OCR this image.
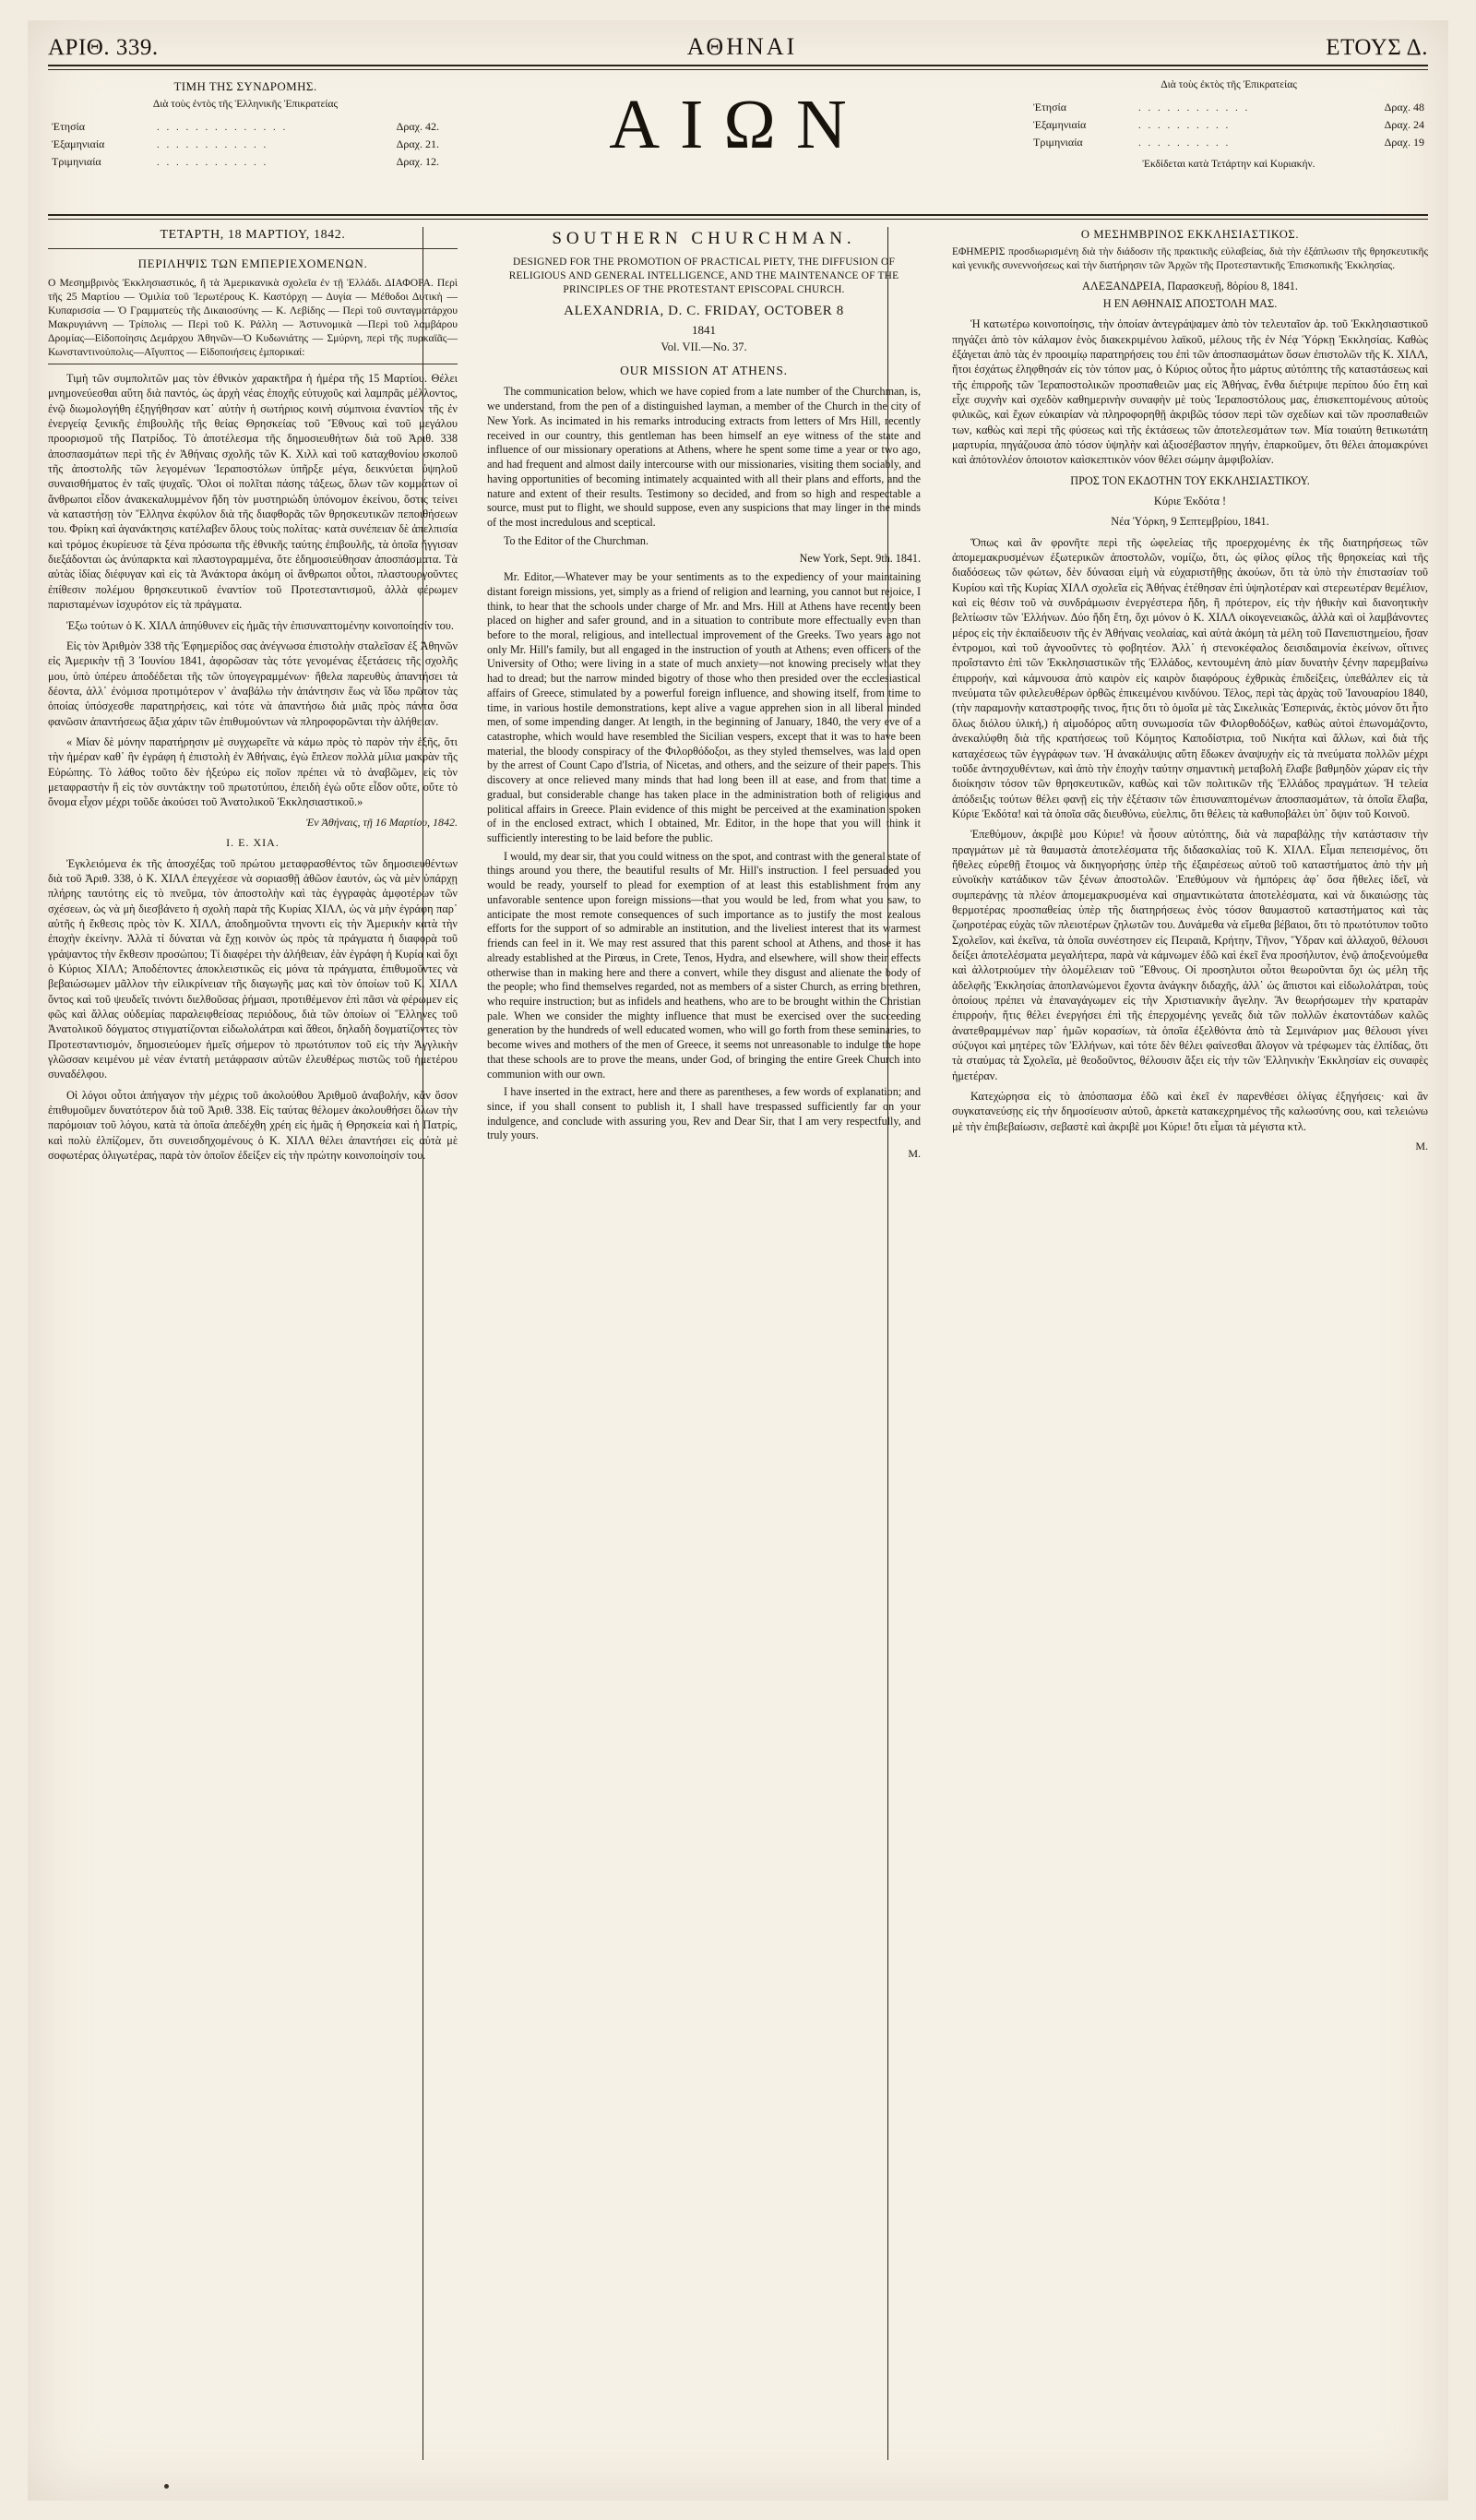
ΑΡΙΘ. 339.	ΑΘΗΝΑΙ	ΕΤΟΥΣ Δ.
ΤΙΜΗ ΤΗΣ ΣΥΝΔΡΟΜΗΣ.
Διὰ τοὺς ἐντὸς τῆς Ἑλληνικῆς Ἐπικρατείας
Ἐτησία	. . . . . . . . . . . . . .	Δραχ. 42.
Ἑξαμηνιαία	. . . . . . . . . . . .	Δραχ. 21.
Τριμηνιαία	. . . . . . . . . . . .	Δραχ. 12.	ΑΙΩΝ
Διὰ τοὺς ἐκτὸς τῆς Ἐπικρατείας
Ἐτησία	. . . . . . . . . . . .	Δραχ. 48
Ἑξαμηνιαία	. . . . . . . . . .	Δραχ. 24
Τριμηνιαία	. . . . . . . . . .	Δραχ. 19
Ἐκδίδεται κατὰ Τετάρτην καὶ Κυριακήν.
ΤΕΤΑΡΤΗ, 18 ΜΑΡΤΙΟΥ, 1842.
ΠΕΡΙΛΗΨΙΣ ΤΩΝ ΕΜΠΕΡΙΕΧΟΜΕΝΩΝ.
Ο Μεσημβρινὸς Ἐκκλησιαστικός, ἢ τὰ Ἀμερικανικὰ σχολεῖα ἐν τῇ Ἑλλάδι. ΔΙΑΦΟΡΑ. Περὶ τῆς 25 Μαρτίου — Ὁμιλία τοῦ Ἱερωτέρους Κ. Καστόρχη — Δυγία — Μέθοδοι Δυτικὴ — Κυπαρισσία — Ὁ Γραμματεὺς τῆς Δικαιοσύνης — Κ. Λεβίδης — Περὶ τοῦ συνταγματάρχου Μακρυγιάννη — Τρίπολις — Περὶ τοῦ Κ. Ράλλη — Ἀστυνομικὰ —Περὶ τοῦ λαμβάρου Δρομίας—Εἰδοποίησις Δεμάρχου Ἀθηνῶν—Ὁ Κυδωνιάτης — Σμύρνη, περὶ τῆς πυρκαϊᾶς— Κωνσταντινούπολις—Αἴγυπτος — Εἰδοποιήσεις ἐμπορικαί:

Τιμὴ τῶν συμπολιτῶν μας τὸν ἐθνικὸν χαρακτῆρα ἡ ἡμέρα τῆς 15 Μαρτίου. Θέλει μνημονεύεσθαι αὕτη διὰ παντός, ὡς ἀρχὴ νέας ἐποχῆς εὐτυχοῦς καὶ λαμπρᾶς μέλλοντος, ἐνῷ διωμολογήθη ἐξηγήθησαν κατ᾽ αὐτὴν ἡ σωτήριος κοινὴ σύμπνοια ἐναντίον τῆς ἐν ἐνεργείᾳ ξενικῆς ἐπιβουλῆς τῆς θείας Θρησκείας τοῦ Ἔθνους καὶ τοῦ μεγάλου προορισμοῦ τῆς Πατρίδος. Τὸ ἀποτέλεσμα τῆς δημοσιευθήτων διὰ τοῦ Ἀριθ. 338 ἀποσπασμάτων περὶ τῆς ἐν Ἀθήναις σχολῆς τῶν Κ. Χιλλ καὶ τοῦ καταχθονίου σκοποῦ τῆς ἀποστολῆς τῶν λεγομένων Ἱεραποστόλων ὑπῆρξε μέγα, δεικνύεται ὑψηλοῦ συναισθήματος ἐν ταῖς ψυχαῖς. Ὅλοι οἱ πολῖται πάσης τάξεως, ὅλων τῶν κομμάτων οἱ ἄνθρωποι εἶδον ἀνακεκαλυμμένον ἤδη τὸν μυστηριώδη ὑπόνομον ἐκείνου, ὅστις τείνει νὰ καταστήσῃ τὸν Ἕλληνα ἐκφύλον διὰ τῆς διαφθορᾶς τῶν θρησκευτικῶν πεποιθήσεων του. Φρίκη καὶ ἀγανάκτησις κατέλαβεν ὅλους τοὺς πολίτας· κατὰ συνέπειαν δὲ ἀπελπισία καὶ τρόμος ἐκυρίευσε τὰ ξένα πρόσωπα τῆς ἐθνικῆς ταύτης ἐπιβουλῆς, τὰ ὁποῖα ἤγγισαν διεξάδονται ὡς ἀνύπαρκτα καὶ πλαστογραμμένα, ὅτε ἐδημοσιεύθησαν ἀποσπάσματα. Τὰ αὐτὰς ἰδίας διέφυγαν καὶ εἰς τὰ Ἀνάκτορα ἀκόμη οἱ ἄνθρωποι οὗτοι, πλαστουργοῦντες ἐπίθεσιν πολέμου θρησκευτικοῦ ἐναντίον τοῦ Προτεσταντισμοῦ, ἀλλὰ φέρωμεν παρισταμένων ἰσχυρότον εἰς τὰ πράγματα.

Ἐξω τούτων ὁ Κ. ΧΙΛΛ ἀπηύθυνεν εἰς ἡμᾶς τὴν ἐπισυναπτομένην κοινοποίησίν του.

Εἰς τὸν Ἀριθμὸν 338 τῆς Ἐφημερίδος σας ἀνέγνωσα ἐπιστολὴν σταλεῖσαν ἐξ Ἀθηνῶν εἰς Ἀμερικὴν τῇ 3 Ἰουνίου 1841, ἀφορῶσαν τὰς τότε γενομένας ἐξετάσεις τῆς σχολῆς μου, ὑπὸ ὑπέρευ ἀποδέδεται τῆς τῶν ὑπογεγραμμένων· ἤθελα παρευθὺς ἀπαντήσει τὰ δέοντα, ἀλλ᾽ ἐνόμισα προτιμότερον ν᾽ ἀναβάλω τὴν ἀπάντησιν ἕως νὰ ἴδω πρῶτον τὰς ὁποίας ὑπόσχεσθε παρατηρήσεις, καὶ τότε νὰ ἀπαντήσω διὰ μιᾶς πρὸς πάντα ὅσα φανῶσιν ἀπαντήσεως ἄξια χάριν τῶν ἐπιθυμούντων νὰ πληροφορῶνται τὴν ἀλήθειαν.

« Μίαν δὲ μόνην παρατήρησιν μὲ συγχωρεῖτε νὰ κάμω πρὸς τὸ παρὸν τὴν ἑξῆς, ὅτι τὴν ἡμέραν καθ᾽ ἣν ἐγράφη ἡ ἐπιστολὴ ἐν Ἀθήναις, ἐγὼ ἔπλεον πολλὰ μίλια μακρὰν τῆς Εὐρώπης. Τὸ λάθος τοῦτο δὲν ἠξεύρω εἰς ποῖον πρέπει νὰ τὸ ἀναβῶμεν, εἰς τὸν μεταφραστὴν ἢ εἰς τὸν συντάκτην τοῦ πρωτοτύπου, ἐπειδὴ ἐγὼ οὔτε εἶδον οὔτε, οὔτε τὸ ὄνομα εἶχον μέχρι τοῦδε ἀκούσει τοῦ Ἀνατολικοῦ Ἐκκλησιαστικοῦ.»

Ἐν Ἀθήναις, τῇ 16 Μαρτίου, 1842.

Ι. Ε. ΧΙΑ.

Ἐγκλειόμενα ἐκ τῆς ἀποσχέξας τοῦ πρώτου μεταφρασθέντος τῶν δημοσιευθέντων διὰ τοῦ Ἀριθ. 338, ὁ Κ. ΧΙΛΛ ἐπεγχέεσε νὰ σοριασθῇ ἀθῶον ἑαυτόν, ὡς νὰ μὲν ὑπάρχῃ πλήρης ταυτότης εἰς τὸ πνεῦμα, τὸν ἀποστολὴν καὶ τὰς ἐγγραφὰς ἀμφοτέρων τῶν σχέσεων, ὡς νὰ μὴ διεσβάνετο ἡ σχολὴ παρὰ τῆς Κυρίας ΧΙΛΛ, ὡς νὰ μὴν ἐγράφη παρ᾽ αὐτῆς ἡ ἔκθεσις πρὸς τὸν Κ. ΧΙΛΛ, ἀποδημοῦντα τηνοντι εἰς τὴν Ἀμερικὴν κατὰ τὴν ἐποχὴν ἐκείνην. Ἀλλὰ τί δύναται νὰ ἔχῃ κοινὸν ὡς πρὸς τὰ πράγματα ἡ διαφορὰ τοῦ γράψαντος τὴν ἔκθεσιν προσώπου; Τί διαφέρει τὴν ἀλήθειαν, ἐὰν ἐγράφη ἡ Κυρία καὶ ὄχι ὁ Κύριος ΧΙΛΛ; Ἀποδέποντες ἀποκλειστικῶς εἰς μόνα τὰ πράγματα, ἐπιθυμοῦντες νὰ βεβαιώσωμεν μᾶλλον τὴν εἰλικρίνειαν τῆς διαγωγῆς μας καὶ τὸν ὁποίων τοῦ Κ. ΧΙΛΛ ὄντος καὶ τοῦ ψευδεῖς τινόντι διελθοῦσας ῥήμασι, προτιθέμενον ἐπὶ πᾶσι νὰ φέρωμεν εἰς φῶς καὶ ἄλλας οὐδεμίας παραλειφθείσας περιόδους, διὰ τῶν ὁποίων οἱ Ἕλληνες τοῦ Ἀνατολικοῦ δόγματος στιγματίζονται εἰδωλολάτραι καὶ ἄθεοι, δηλαδὴ δογματίζοντες τὸν Προτεσταντισμόν, δημοσιεύομεν ἡμεῖς σήμερον τὸ πρωτότυπον τοῦ εἰς τὴν Ἀγγλικὴν γλῶσσαν κειμένου μὲ νέαν ἐντατὴ μετάφρασιν αὐτῶν ἐλευθέρως πιστῶς τοῦ ἡμετέρου συναδέλφου.

Οἱ λόγοι οὗτοι ἀπήγαγον τὴν μέχρις τοῦ ἀκολούθου Ἀριθμοῦ ἀναβολήν, κἂν ὅσον ἐπιθυμοῦμεν δυνατότερον διὰ τοῦ Ἀριθ. 338. Εἰς ταύτας θέλομεν ἀκολουθήσει ὅλων τὴν παρόμοιαν τοῦ λόγου, κατὰ τὰ ὁποῖα ἀπεδέχθη χρέη εἰς ἡμᾶς ἡ Θρησκεία καὶ ἡ Πατρίς, καὶ πολὺ ἐλπίζομεν, ὅτι συνεισδηχομένους ὁ Κ. ΧΙΛΛ θέλει ἀπαντήσει εἰς αὐτὰ μὲ σοφωτέρας ὀλιγωτέρας, παρὰ τὸν ὁποῖον ἐδείξεν εἰς τὴν πρώτην κοινοποίησίν του.

SOUTHERN CHURCHMAN.
DESIGNED FOR THE PROMOTION OF PRACTICAL PIETY, THE DIFFUSION OF RELIGIOUS AND GENERAL INTELLIGENCE, AND THE MAINTENANCE OF THE PRINCIPLES OF THE PROTESTANT EPISCOPAL CHURCH.
ALEXANDRIA, D. C. FRIDAY, OCTOBER 8
1841
Vol. VII.—No. 37.
OUR MISSION AT ATHENS.

The communication below, which we have copied from a late number of the Churchman, is, we understand, from the pen of a distinguished layman, a member of the Church in the city of New York. As incimated in his remarks introducing extracts from letters of Mrs Hill, recently received in our country, this gentleman has been himself an eye witness of the state and influence of our missionary operations at Athens, where he spent some time a year or two ago, and had frequent and almost daily intercourse with our missionaries, visiting them sociably, and having opportunities of becoming intimately acquainted with all their plans and efforts, and the nature and extent of their results. Testimony so decided, and from so high and respectable a source, must put to flight, we should suppose, even any suspicions that may linger in the minds of the most incredulous and sceptical.

To the Editor of the Churchman.

New York, Sept. 9th. 1841.

Mr. Editor,—Whatever may be your sentiments as to the expediency of your maintaining distant foreign missions, yet, simply as a friend of religion and learning, you cannot but rejoice, I think, to hear that the schools under charge of Mr. and Mrs. Hill at Athens have recently been placed on higher and safer ground, and in a situation to contribute more effectually even than before to the moral, religious, and intellectual improvement of the Greeks. Two years ago not only Mr. Hill's family, but all engaged in the instruction of youth at Athens; even officers of the University of Otho; were living in a state of much anxiety—not knowing precisely what they had to dread; but the narrow minded bigotry of those who then presided over the ecclesiastical affairs of Greece, stimulated by a powerful foreign influence, and showing itself, from time to time, in various hostile demonstrations, kept alive a vague apprehen sion in all liberal minded men, of some impending danger. At length, in the beginning of January, 1840, the very eve of a catastrophe, which would have resembled the Sicilian vespers, except that it was to have been material, the bloody conspiracy of the Φιλορθόδοξοι, as they styled themselves, was laid open by the arrest of Count Capo d'Istria, of Nicetas, and others, and the seizure of their papers. This discovery at once relieved many minds that had long been ill at ease, and from that time a gradual, but considerable change has taken place in the administration both of religious and political affairs in Greece. Plain evidence of this might be perceived at the examination spoken of in the enclosed extract, which I obtained, Mr. Editor, in the hope that you will think it sufficiently interesting to be laid before the public.

I would, my dear sir, that you could witness on the spot, and contrast with the general state of things around you there, the beautiful results of Mr. Hill's instruction. I feel persuaded you would be ready, yourself to plead for exemption of at least this establishment from any unfavorable sentence upon foreign missions—that you would be led, from what you saw, to anticipate the most remote consequences of such importance as to justify the most zealous efforts for the support of so admirable an institution, and the liveliest interest that its warmest friends can feel in it. We may rest assured that this parent school at Athens, and those it has already established at the Pirœus, in Crete, Tenos, Hydra, and elsewhere, will show their effects otherwise than in making here and there a convert, while they disgust and alienate the body of the people; who find themselves regarded, not as members of a sister Church, as erring brethren, who require instruction; but as infidels and heathens, who are to be brought within the Christian pale. When we consider the mighty influence that must be exercised over the succeeding generation by the hundreds of well educated women, who will go forth from these seminaries, to become wives and mothers of the men of Greece, it seems not unreasonable to indulge the hope that these schools are to prove the means, under God, of bringing the entire Greek Church into communion with our own.

I have inserted in the extract, here and there as parentheses, a few words of explanation; and since, if you shall consent to publish it, I shall have trespassed sufficiently far on your indulgence, and conclude with assuring you, Rev and Dear Sir, that I am very respectfully, and truly yours.

M.

Ο ΜΕΣΗΜΒΡΙΝΟΣ ΕΚΚΛΗΣΙΑΣΤΙΚΟΣ.
ΕΦΗΜΕΡΙΣ προσδιωρισμένη διὰ τὴν διάδοσιν τῆς πρακτικῆς εὐλαβείας, διὰ τὴν ἐξάπλωσιν τῆς θρησκευτικῆς καὶ γενικῆς συνεννοήσεως καὶ τὴν διατήρησιν τῶν Ἀρχῶν τῆς Προτεσταντικῆς Ἐπισκοπικῆς Ἐκκλησίας.
ΑΛΕΞΑΝΔΡΕΙΑ, Παρασκευῇ, 8ὁρίου 8, 1841.
Η ΕΝ ΑΘΗΝΑΙΣ ΑΠΟΣΤΟΛΗ ΜΑΣ.

Ἡ κατωτέρω κοινοποίησις, τὴν ὁποίαν ἀντεγράψαμεν ἀπὸ τὸν τελευταῖον ἀρ. τοῦ Ἐκκλησιαστικοῦ πηγάζει ἀπὸ τὸν κάλαμον ἑνὸς διακεκριμένου λαϊκοῦ, μέλους τῆς ἐν Νέᾳ Ὑόρκῃ Ἐκκλησίας. Καθὼς ἐξάγεται ἀπὸ τὰς ἐν προοιμίῳ παρατηρήσεις του ἐπὶ τῶν ἀποσπασμάτων ὅσων ἐπιστολῶν τῆς Κ. ΧΙΛΛ, ἤτοι ἐσχάτως ἐληφθησάν εἰς τὸν τόπον μας, ὁ Κύριος οὗτος ἦτο μάρτυς αὐτόπτης τῆς καταστάσεως καὶ τῆς ἐπιρροῆς τῶν Ἱεραποστολικῶν προσπαθειῶν μας εἰς Ἀθήνας, ἔνθα διέτριψε περίπου δύο ἔτη καὶ εἶχε συχνὴν καὶ σχεδὸν καθημερινὴν συναφὴν μὲ τοὺς Ἱεραποστόλους μας, ἐπισκεπτομένους αὐτοὺς φιλικῶς, καὶ ἔχων εὐκαιρίαν νὰ πληροφορηθῇ ἀκριβῶς τόσον περὶ τῶν σχεδίων καὶ τῶν προσπαθειῶν των, καθὼς καὶ περὶ τῆς φύσεως καὶ τῆς ἐκτάσεως τῶν ἀποτελεσμάτων των. Μία τοιαύτη θετικωτάτη μαρτυρία, πηγάζουσα ἀπὸ τόσον ὑψηλὴν καὶ ἀξιοσέβαστον πηγήν, ἐπαρκοῦμεν, ὅτι θέλει ἀπομακρύνει καὶ ἀπότονλέον ὁποιοτον καὶσκεπτικὸν νόον θέλει σώμην ἀμφιβολίαν.

ΠΡΟΣ ΤΟΝ ΕΚΔΟΤΗΝ ΤΟΥ ΕΚΚΛΗΣΙΑΣΤΙΚΟΥ.

Κύριε Ἐκδότα !

Νέα Ὑόρκη, 9 Σεπτεμβρίου, 1841.

Ὅπως καὶ ἂν φρονῆτε περὶ τῆς ὠφελείας τῆς προερχομένης ἐκ τῆς διατηρήσεως τῶν ἀπομεμακρυσμένων ἐξωτερικῶν ἀποστολῶν, νομίζω, ὅτι, ὡς φίλος φίλος τῆς θρησκείας καὶ τῆς διαδόσεως τῶν φώτων, δὲν δύνασαι εἰμὴ νὰ εὐχαριστῆθῃς ἀκούων, ὅτι τὰ ὑπὸ τὴν ἐπιστασίαν τοῦ Κυρίου καὶ τῆς Κυρίας ΧΙΛΛ σχολεῖα εἰς Ἀθήνας ἐτέθησαν ἐπὶ ὑψηλοτέραν καὶ στερεωτέραν θεμέλιον, καὶ εἰς θέσιν τοῦ νὰ συνδράμωσιν ἐνεργέστερα ἤδη, ἢ πρότερον, εἰς τὴν ἠθικὴν καὶ διανοητικὴν βελτίωσιν τῶν Ἑλλήνων. Δύο ἤδη ἔτη, ὄχι μόνον ὁ Κ. ΧΙΛΛ οἰκογενειακῶς, ἀλλὰ καὶ οἱ λαμβάνοντες μέρος εἰς τὴν ἐκπαίδευσιν τῆς ἐν Ἀθήναις νεολαίας, καὶ αὐτὰ ἀκόμη τὰ μέλη τοῦ Πανεπιστημείου, ἤσαν ἐντρομοι, καὶ τοῦ ἀγνοοῦντες τὸ φοβητέον. Ἀλλ᾽ ἡ στενοκέφαλος δεισιδαιμονία ἐκείνων, οἵτινες προΐσταντο ἐπὶ τῶν Ἐκκλησιαστικῶν τῆς Ἑλλάδος, κεντουμένη ἀπὸ μίαν δυνατὴν ξένην παρεμβαίνω ἐπιρροήν, καὶ κάμνουσα ἀπὸ καιρὸν εἰς καιρὸν διαφόρους ἐχθρικὰς ἐπιδείξεις, ὑπεθάλπεν εἰς τὰ πνεύματα τῶν φιλελευθέρων ὀρθῶς ἐπικειμένου κινδύνου. Τέλος, περὶ τὰς ἀρχὰς τοῦ Ἰανουαρίου 1840, (τὴν παραμονὴν καταστροφῆς τινος, ἥτις ὅτι τὸ ὁμοῖα μὲ τὰς Σικελικὰς Ἑσπερινάς, ἐκτὸς μόνον ὅτι ἦτο ὅλως διόλου ὑλική,) ἡ αἱμοδόρος αὕτη συνωμοσία τῶν Φιλορθοδόξων, καθὼς αὐτοὶ ἐπωνομάζοντο, ἀνεκαλύφθη διὰ τῆς κρατήσεως τοῦ Κόμητος Καποδίστρια, τοῦ Νικήτα καὶ ἄλλων, καὶ διὰ τῆς καταχέσεως τῶν ἐγγράφων των. Ἡ ἀνακάλυψις αὕτη ἔδωκεν ἀναψυχὴν εἰς τὰ πνεύματα πολλῶν μέχρι τοῦδε ἀντησχυθέντων, καὶ ἀπὸ τὴν ἐποχὴν ταύτην σημαντικὴ μεταβολὴ ἔλαβε βαθμηδὸν χώραν εἰς τὴν διοίκησιν τόσον τῶν θρησκευτικῶν, καθὼς καὶ τῶν πολιτικῶν τῆς Ἑλλάδος πραγμάτων. Ἡ τελεία ἀπόδειξις τούτων θέλει φανῇ εἰς τὴν ἐξέτασιν τῶν ἐπισυναπτομένων ἀποσπασμάτων, τὰ ὁποῖα ἔλαβα, Κύριε Ἐκδότα! καὶ τὰ ὁποῖα σᾶς διευθύνω, εὐελπις, ὅτι θέλεις τὰ καθυποβάλει ὑπ᾽ ὄψιν τοῦ Κοινοῦ.

Ἐπεθύμουν, ἀκριβὲ μου Κύριε! νὰ ἦσουν αὐτόπτης, διὰ νὰ παραβάλῃς τὴν κατάστασιν τὴν πραγμάτων μὲ τὰ θαυμαστὰ ἀποτελέσματα τῆς διδασκαλίας τοῦ Κ. ΧΙΛΛ. Εἶμαι πεπεισμένος, ὅτι ἤθελες εὑρεθῇ ἕτοιμος νὰ δικηγορήσῃς ὑπὲρ τῆς ἐξαιρέσεως αὐτοῦ τοῦ καταστήματος ἀπὸ τὴν μὴ εὐνοϊκὴν κατάδικον τῶν ξένων ἀποστολῶν. Ἐπεθύμουν νὰ ἡμπόρεις ἀφ᾽ ὅσα ἤθελες ἰδεῖ, νὰ συμπεράνῃς τὰ πλέον ἀπομεμακρυσμένα καὶ σημαντικώτατα ἀποτελέσματα, καὶ νὰ δικαιώσῃς τὰς θερμοτέρας προσπαθείας ὑπὲρ τῆς διατηρήσεως ἑνὸς τόσον θαυμαστοῦ καταστήματος καὶ τὰς ζωηροτέρας εὐχὰς τῶν πλειοτέρων ζηλωτῶν του. Δυνάμεθα νὰ εἴμεθα βέβαιοι, ὅτι τὸ πρωτότυπον τοῦτο Σχολεῖον, καὶ ἐκεῖνα, τὰ ὁποῖα συνέστησεν εἰς Πειραιᾶ, Κρήτην, Τῆνον, Ὕδραν καὶ ἀλλαχοῦ, θέλουσι δείξει ἀποτελέσματα μεγαλήτερα, παρὰ νὰ κάμνωμεν ἐδῶ καὶ ἐκεῖ ἕνα προσήλυτον, ἐνῷ ἀποξενούμεθα καὶ ἀλλοτριούμεν τὴν ὁλομέλειαν τοῦ Ἔθνους. Οἱ προσηλυτοι οὗτοι θεωροῦνται ὄχι ὡς μέλη τῆς ἀδελφῆς Ἐκκλησίας ἀποπλανώμενοι ἔχοντα ἀνάγκην διδαχῆς, ἀλλ᾽ ὡς ἄπιστοι καὶ εἰδωλολάτραι, τοὺς ὁποίους πρέπει νὰ ἐπαναγάγωμεν εἰς τὴν Χριστιανικὴν ἄγελην. Ἂν θεωρήσωμεν τὴν κραταρὰν ἐπιρροήν, ἥτις θέλει ἐνεργήσει ἐπὶ τῆς ἐπερχομένης γενεᾶς διὰ τῶν πολλῶν ἑκατοντάδων καλῶς ἀνατεθραμμένων παρ᾽ ἡμῶν κορασίων, τὰ ὁποῖα ἐξελθόντα ἀπὸ τὰ Σεμινάριον μας θέλουσι γίνει σύζυγοι καὶ μητέρες τῶν Ἑλλήνων, καὶ τότε δὲν θέλει φαίνεσθαι ἄλογον νὰ τρέφωμεν τὰς ἐλπίδας, ὅτι τὰ σταύμας τὰ Σχολεῖα, μὲ θεοδοῦντος, θέλουσιν ἄξει εἰς τὴν τῶν Ἑλληνικὴν Ἐκκλησίαν εἰς συναφὲς ἡμετέραν.

Κατεχώρησα εἰς τὸ ἀπόσπασμα ἐδῶ καὶ ἐκεῖ ἐν παρενθέσει ὀλίγας ἐξηγήσεις· καὶ ἂν συγκατανεύσῃς εἰς τὴν δημοσίευσιν αὐτοῦ, ἀρκετὰ κατακεχρημένος τῆς καλωσύνης σου, καὶ τελειώνω μὲ τὴν ἐπιβεβαίωσιν, σεβαστὲ καὶ ἀκριβὲ μοι Κύριε! ὅτι εἶμαι τὰ μέγιστα κτλ.

Μ.
